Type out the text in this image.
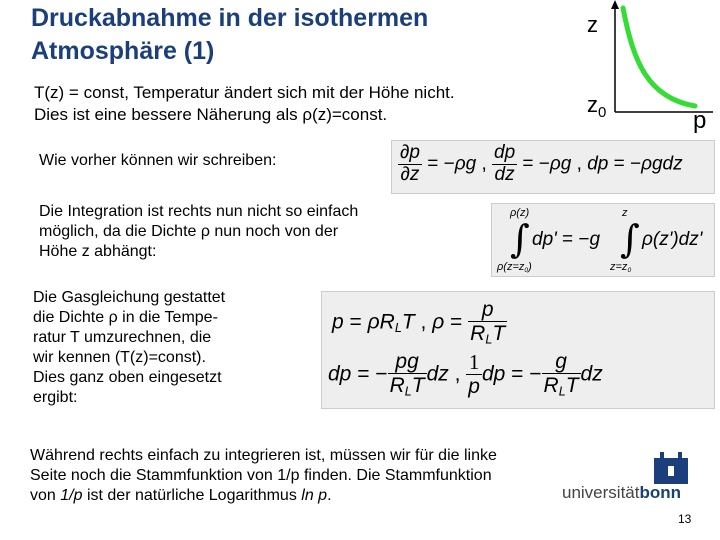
Druckabnahme in der isothermen
Atmosphäre (1)
T(z) = const, Temperatur ändert sich mit der Höhe nicht.
Dies ist eine bessere Näherung als ρ(z)=const.
z
$z_0$	p
Wie vorher können wir schreiben:	$\frac{\partial p}{\partial z} = -\rho g$ , $\frac{dp}{dz} = -\rho g$ , dp = −ρgdz
Die Integration ist rechts nun nicht so einfach
möglich, da die Dichte ρ nun noch von der
Höhe z abhängt:
ρ(z)	z
∫ dp' = −g ∫ ρ(z')dz'
ρ(z=z0)	z=z0
Die Gasgleichung gestattet
die Dichte ρ in die Tempe-
ratur T umzurechnen, die
wir kennen (T(z)=const).
Dies ganz oben eingesetzt
ergibt:
p = ρRLT , $\rho = \frac{p}{\text{RLT}}$
dp = − $\frac{pg}{\text{RLT}}$ dz , $\frac{1}{p}$ dp = − $\frac{g}{\text{RLT}}$ dz
Während rechts einfach zu integrieren ist, müssen wir für die linke
Seite noch die Stammfunktion von 1/p finden. Die Stammfunktion
von 1/p ist der natürliche Logarithmus ln p.	universitätbonn
13
